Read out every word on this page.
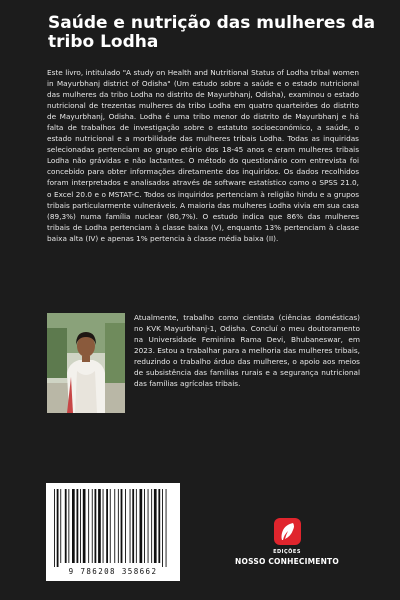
Saúde e nutrição das mulheres da tribo Lodha

Este livro, intitulado "A study on Health and Nutritional Status of Lodha tribal women in Mayurbhanj district of Odisha" (Um estudo sobre a saúde e o estado nutricional das mulheres da tribo Lodha no distrito de Mayurbhanj, Odisha), examinou o estado nutricional de trezentas mulheres da tribo Lodha em quatro quarteirões do distrito de Mayurbhanj, Odisha. Lodha é uma tribo menor do distrito de Mayurbhanj e há falta de trabalhos de investigação sobre o estatuto socioeconómico, a saúde, o estado nutricional e a morbilidade das mulheres tribais Lodha. Todas as inquiridas selecionadas pertenciam ao grupo etário dos 18-45 anos e eram mulheres tribais Lodha não grávidas e não lactantes. O método do questionário com entrevista foi concebido para obter informações diretamente dos inquiridos. Os dados recolhidos foram interpretados e analisados através de software estatístico como o SPSS 21.0, o Excel 20.0 e o MSTAT-C. Todos os inquiridos pertenciam à religião hindu e a grupos tribais particularmente vulneráveis. A maioria das mulheres Lodha vivia em sua casa (89,3%) numa família nuclear (80,7%). O estudo indica que 86% das mulheres tribais de Lodha pertenciam à classe baixa (V), enquanto 13% pertenciam à classe baixa alta (IV) e apenas 1% pertencia à classe média baixa (II).

Atualmente, trabalho como cientista (ciências domésticas) no KVK Mayurbhanj-1, Odisha. Concluí o meu doutoramento na Universidade Feminina Rama Devi, Bhubaneswar, em 2023. Estou a trabalhar para a melhoria das mulheres tribais, reduzindo o trabalho árduo das mulheres, o apoio aos meios de subsistência das famílias rurais e a segurança nutricional das famílias agrícolas tribais.

9 786208 358662
EDIÇÕES
NOSSO CONHECIMENTO
